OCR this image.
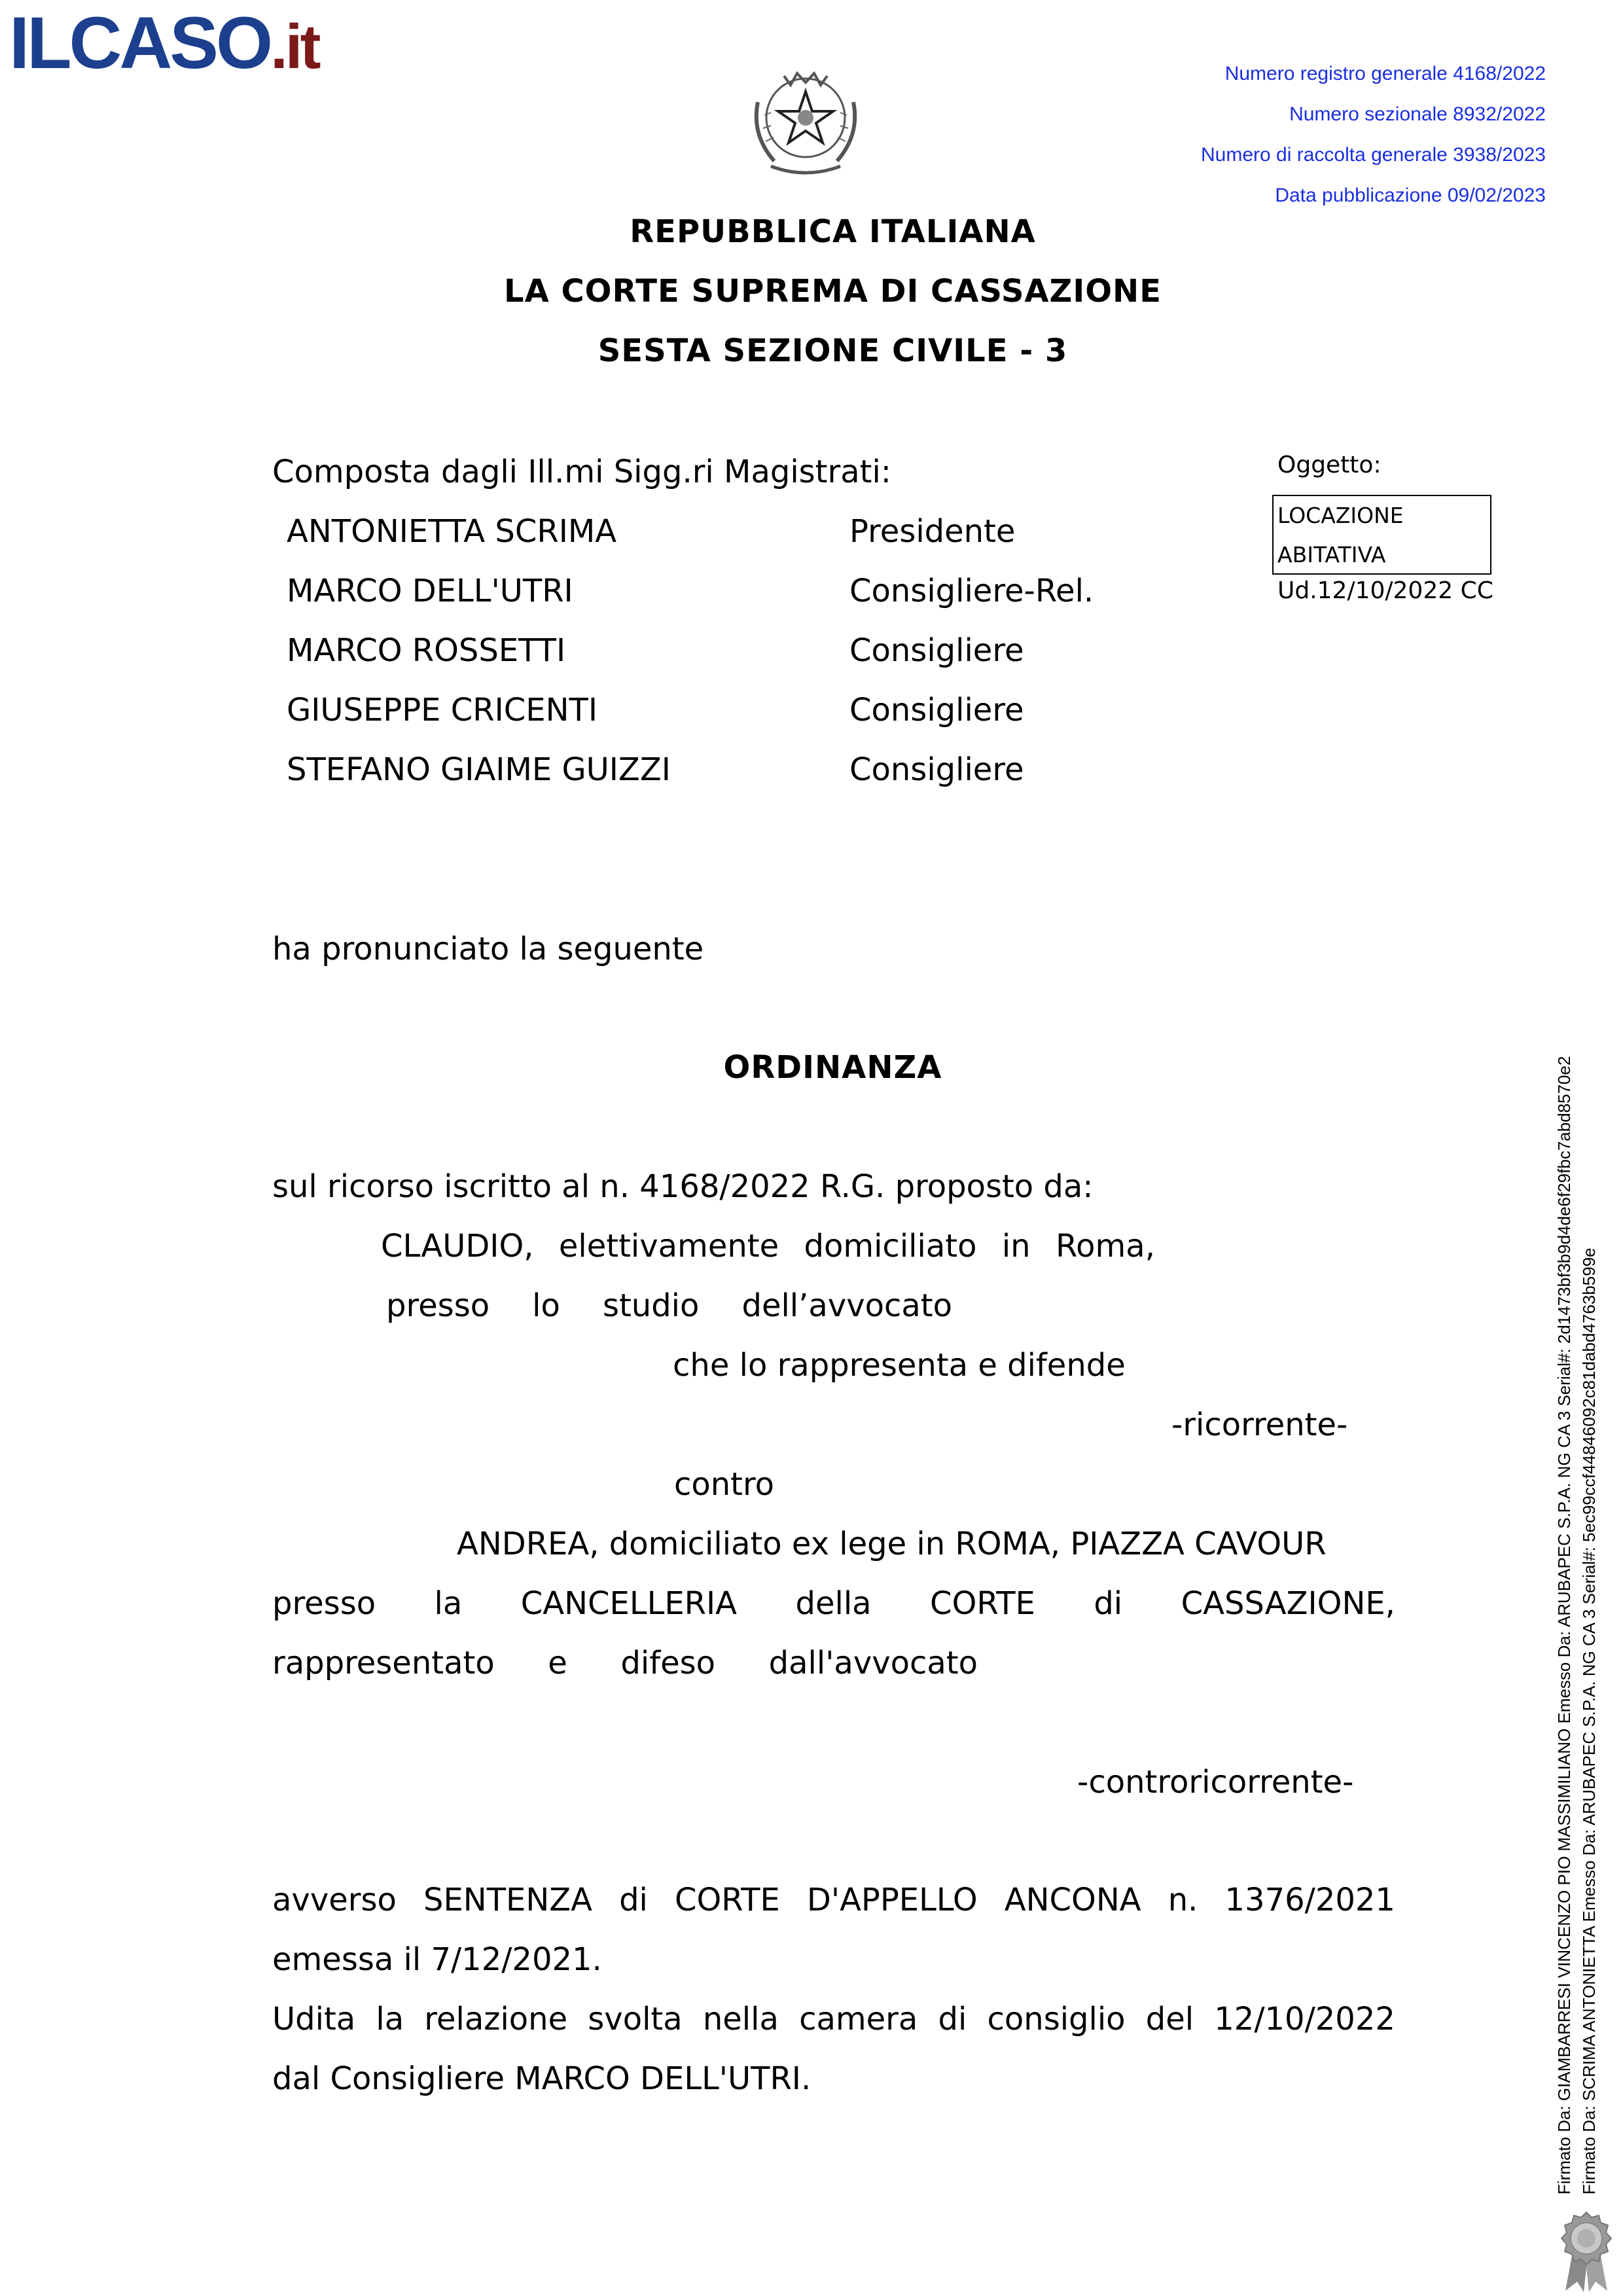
ILCASO.it	Numero registro generale 4168/2022
Numero sezionale 8932/2022
Numero di raccolta generale 3938/2023
Data pubblicazione 09/02/2023
REPUBBLICA ITALIANA
LA CORTE SUPREMA DI CASSAZIONE
SESTA SEZIONE CIVILE - 3
Composta dagli Ill.mi Sigg.ri Magistrati:
ANTONIETTA SCRIMA	Presidente
MARCO DELL'UTRI	Consigliere-Rel.
MARCO ROSSETTI	Consigliere
GIUSEPPE CRICENTI	Consigliere
STEFANO GIAIME GUIZZI	Consigliere
Oggetto:
LOCAZIONE
ABITATIVA
Ud.12/10/2022 CC
ha pronunciato la seguente
ORDINANZA
sul ricorso iscritto al n. 4168/2022 R.G. proposto da:
CLAUDIO, elettivamente domiciliato in Roma,
presso lo studio dell’avvocato
che lo rappresenta e difende
-ricorrente-
contro
ANDREA, domiciliato ex lege in ROMA, PIAZZA CAVOUR
presso la CANCELLERIA della CORTE di CASSAZIONE,
rappresentato e difeso dall'avvocato
-controricorrente-
avverso SENTENZA di CORTE D'APPELLO ANCONA n. 1376/2021
emessa il 7/12/2021.
Udita la relazione svolta nella camera di consiglio del 12/10/2022
dal Consigliere MARCO DELL'UTRI.	Firmato Da: GIAMBARRESI VINCENZO PIO MASSIMILIANO Emesso Da: ARUBAPEC S.P.A. NG CA 3 Serial#: 2d1473bf3b9d4de6f29fbc7abd8570e2 Firmato Da: SCRIMA ANTONIETTA Emesso Da: ARUBAPEC S.P.A. NG CA 3 Serial#: 5ec99ccf44846092c81dabd4763b599e
